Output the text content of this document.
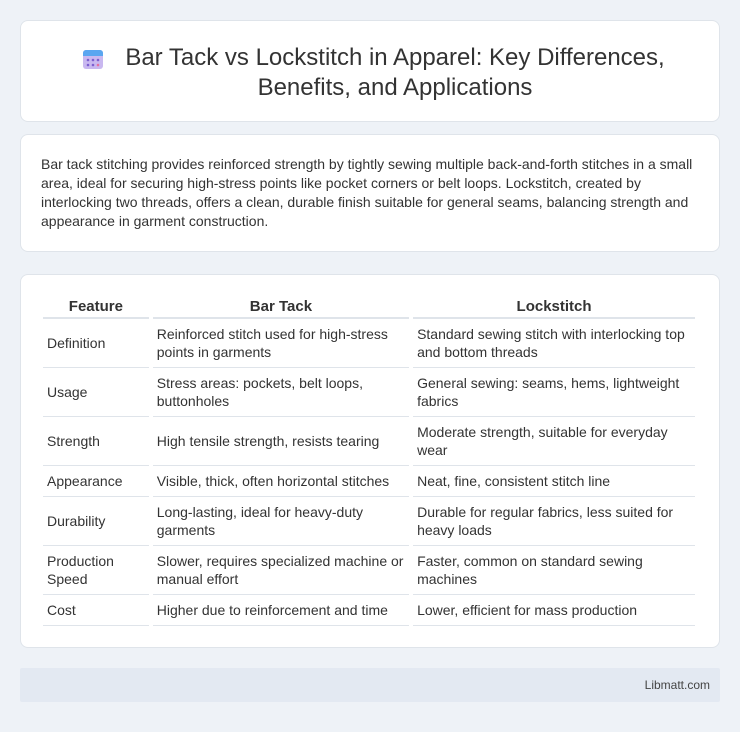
Bar Tack vs Lockstitch in Apparel: Key Differences, Benefits, and Applications

Bar tack stitching provides reinforced strength by tightly sewing multiple back-and-forth stitches in a small area, ideal for securing high-stress points like pocket corners or belt loops. Lockstitch, created by interlocking two threads, offers a clean, durable finish suitable for general seams, balancing strength and appearance in garment construction.

Feature	Bar Tack	Lockstitch
Definition	Reinforced stitch used for high-stress points in garments	Standard sewing stitch with interlocking top and bottom threads
Usage	Stress areas: pockets, belt loops, buttonholes	General sewing: seams, hems, lightweight fabrics
Strength	High tensile strength, resists tearing	Moderate strength, suitable for everyday wear
Appearance	Visible, thick, often horizontal stitches	Neat, fine, consistent stitch line
Durability	Long-lasting, ideal for heavy-duty garments	Durable for regular fabrics, less suited for heavy loads
Production Speed	Slower, requires specialized machine or manual effort	Faster, common on standard sewing machines
Cost	Higher due to reinforcement and time	Lower, efficient for mass production
Libmatt.com
